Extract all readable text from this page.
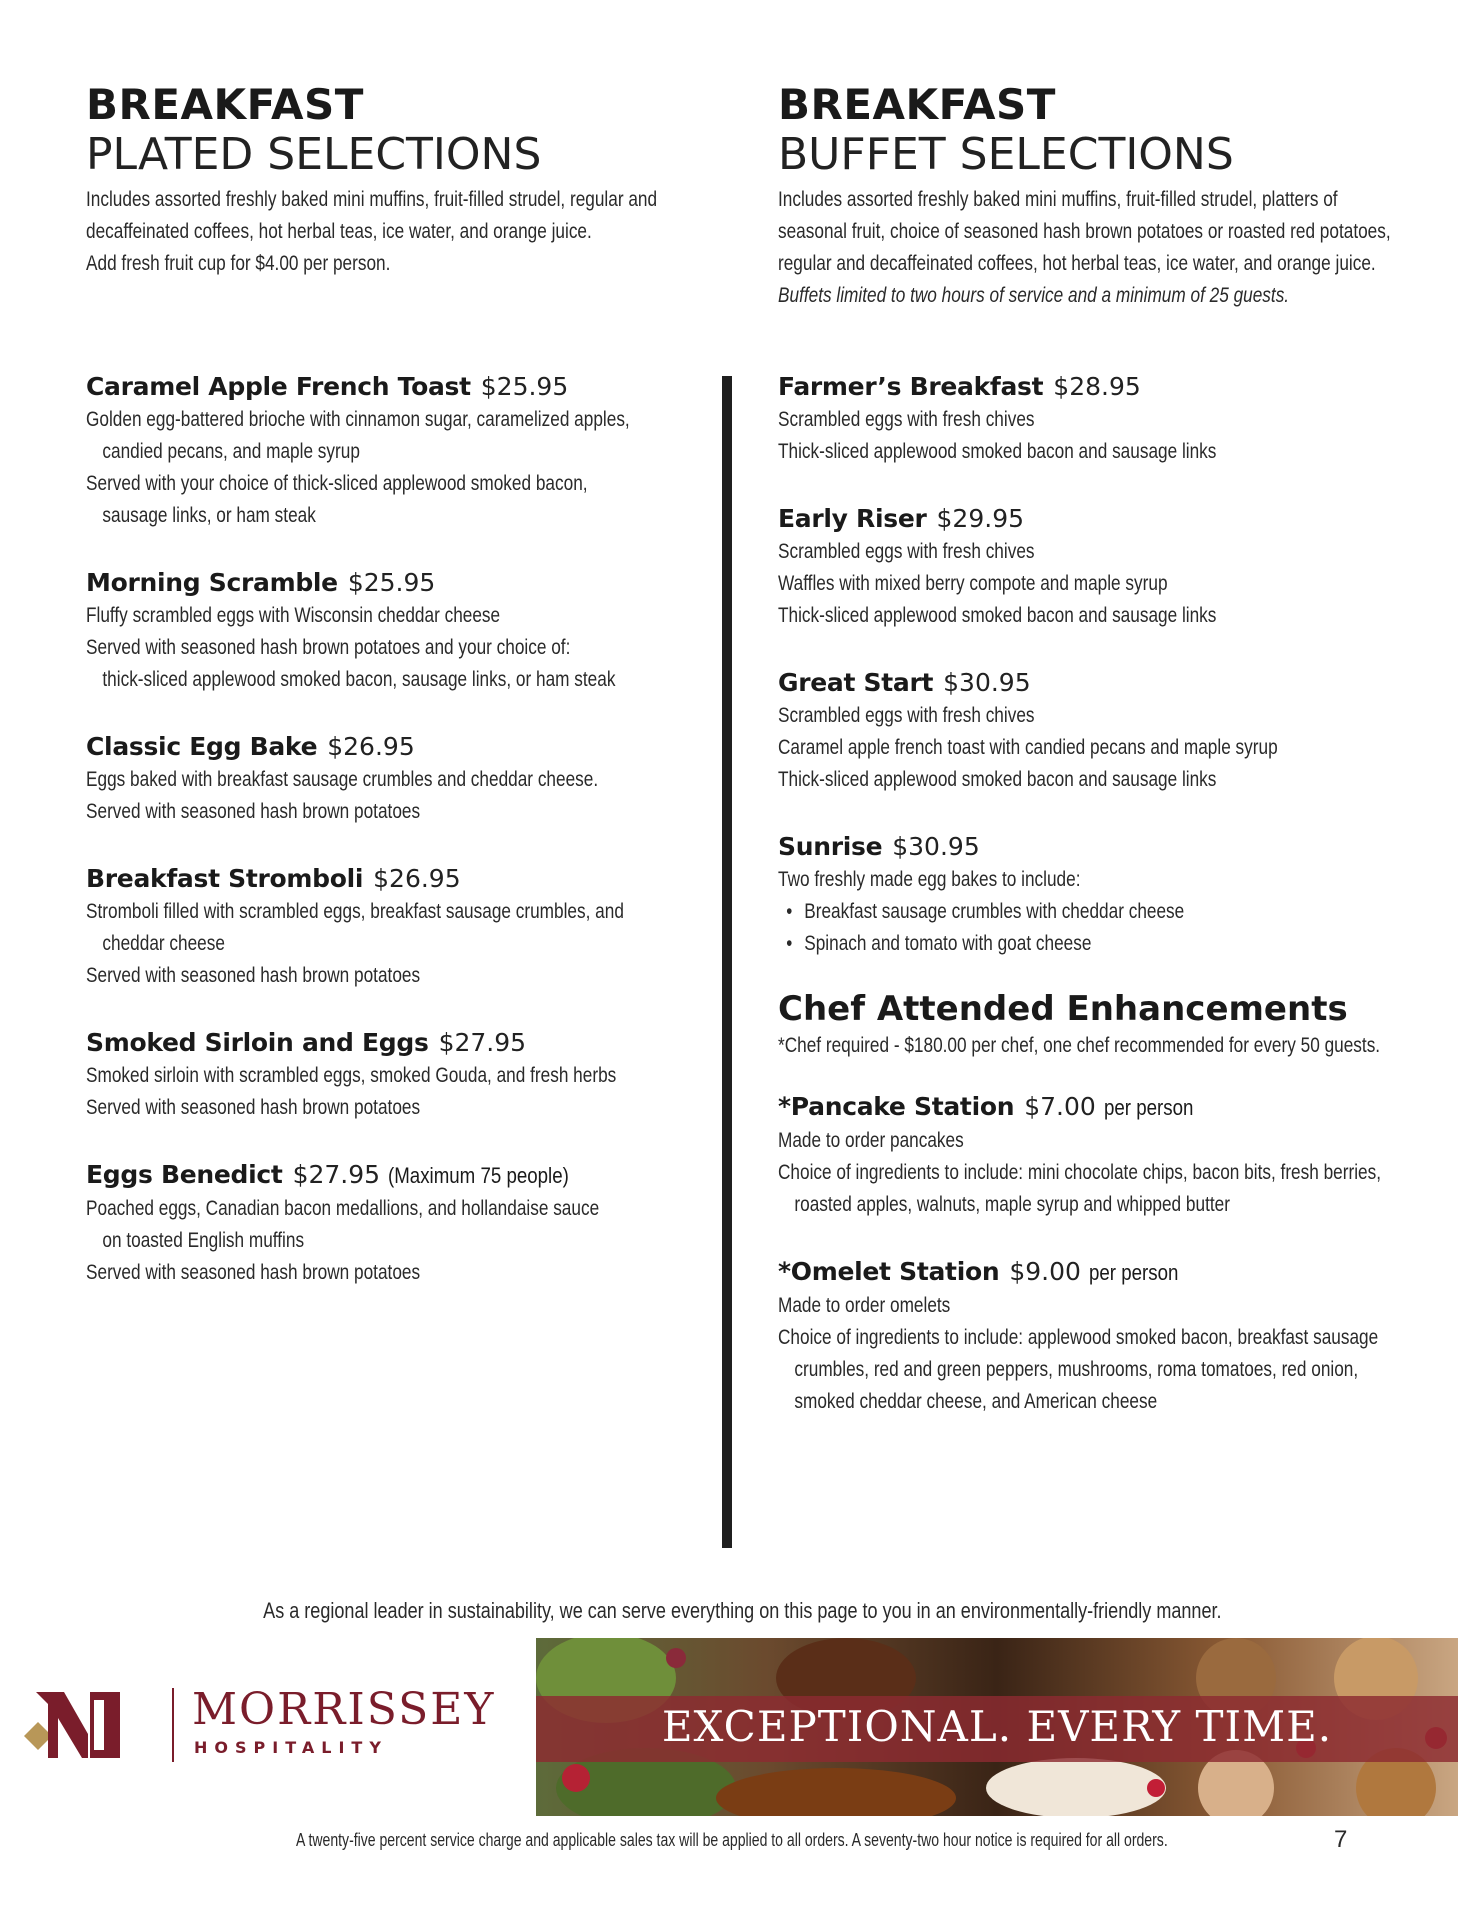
BREAKFAST
PLATED SELECTIONS

Includes assorted freshly baked mini muffins, fruit-filled strudel, regular and

decaffeinated coffees, hot herbal teas, ice water, and orange juice.

Add fresh fruit cup for $4.00 per person.

BREAKFAST
BUFFET SELECTIONS

Includes assorted freshly baked mini muffins, fruit-filled strudel, platters of

seasonal fruit, choice of seasoned hash brown potatoes or roasted red potatoes,

regular and decaffeinated coffees, hot herbal teas, ice water, and orange juice.

Buffets limited to two hours of service and a minimum of 25 guests.

Caramel Apple French Toast $25.95

Golden egg-battered brioche with cinnamon sugar, caramelized apples,

candied pecans, and maple syrup

Served with your choice of thick-sliced applewood smoked bacon,

sausage links, or ham steak

Morning Scramble $25.95

Fluffy scrambled eggs with Wisconsin cheddar cheese

Served with seasoned hash brown potatoes and your choice of:

thick-sliced applewood smoked bacon, sausage links, or ham steak

Classic Egg Bake $26.95

Eggs baked with breakfast sausage crumbles and cheddar cheese.

Served with seasoned hash brown potatoes

Breakfast Stromboli $26.95

Stromboli filled with scrambled eggs, breakfast sausage crumbles, and

cheddar cheese

Served with seasoned hash brown potatoes

Smoked Sirloin and Eggs $27.95

Smoked sirloin with scrambled eggs, smoked Gouda, and fresh herbs

Served with seasoned hash brown potatoes

Eggs Benedict $27.95 (Maximum 75 people)

Poached eggs, Canadian bacon medallions, and hollandaise sauce

on toasted English muffins

Served with seasoned hash brown potatoes

Farmer’s Breakfast $28.95

Scrambled eggs with fresh chives

Thick-sliced applewood smoked bacon and sausage links

Early Riser $29.95

Scrambled eggs with fresh chives

Waffles with mixed berry compote and maple syrup

Thick-sliced applewood smoked bacon and sausage links

Great Start $30.95

Scrambled eggs with fresh chives

Caramel apple french toast with candied pecans and maple syrup

Thick-sliced applewood smoked bacon and sausage links

Sunrise $30.95

Two freshly made egg bakes to include:

• Breakfast sausage crumbles with cheddar cheese

• Spinach and tomato with goat cheese

Chef Attended Enhancements

*Chef required - $180.00 per chef, one chef recommended for every 50 guests.

*Pancake Station $7.00 per person

Made to order pancakes

Choice of ingredients to include: mini chocolate chips, bacon bits, fresh berries,

roasted apples, walnuts, maple syrup and whipped butter

*Omelet Station $9.00 per person

Made to order omelets

Choice of ingredients to include: applewood smoked bacon, breakfast sausage

crumbles, red and green peppers, mushrooms, roma tomatoes, red onion,

smoked cheddar cheese, and American cheese

As a regional leader in sustainability, we can serve everything on this page to you in an environmentally-friendly manner.

MORRISSEY

HOSPITALITY	EXCEPTIONAL. EVERY TIME.

A twenty-five percent service charge and applicable sales tax will be applied to all orders. A seventy-two hour notice is required for all orders.	7
